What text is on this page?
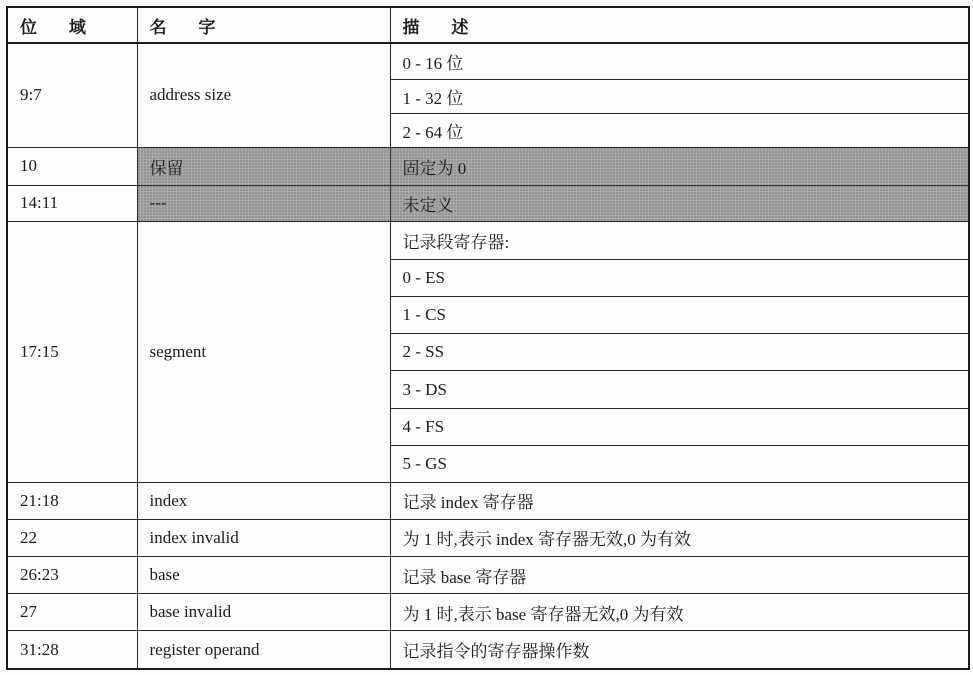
位 域	名 字	描 述
9:7	address size	0 - 16 位
		1 - 32 位
		2 - 64 位
10	保留	固定为 0
14:11	---	未定义
17:15	segment	记录段寄存器:
		0 - ES
		1 - CS
		2 - SS
		3 - DS
		4 - FS
		5 - GS
21:18	index	记录 index 寄存器
22	index invalid	为 1 时,表示 index 寄存器无效,0 为有效
26:23	base	记录 base 寄存器
27	base invalid	为 1 时,表示 base 寄存器无效,0 为有效
31:28	register operand	记录指令的寄存器操作数
